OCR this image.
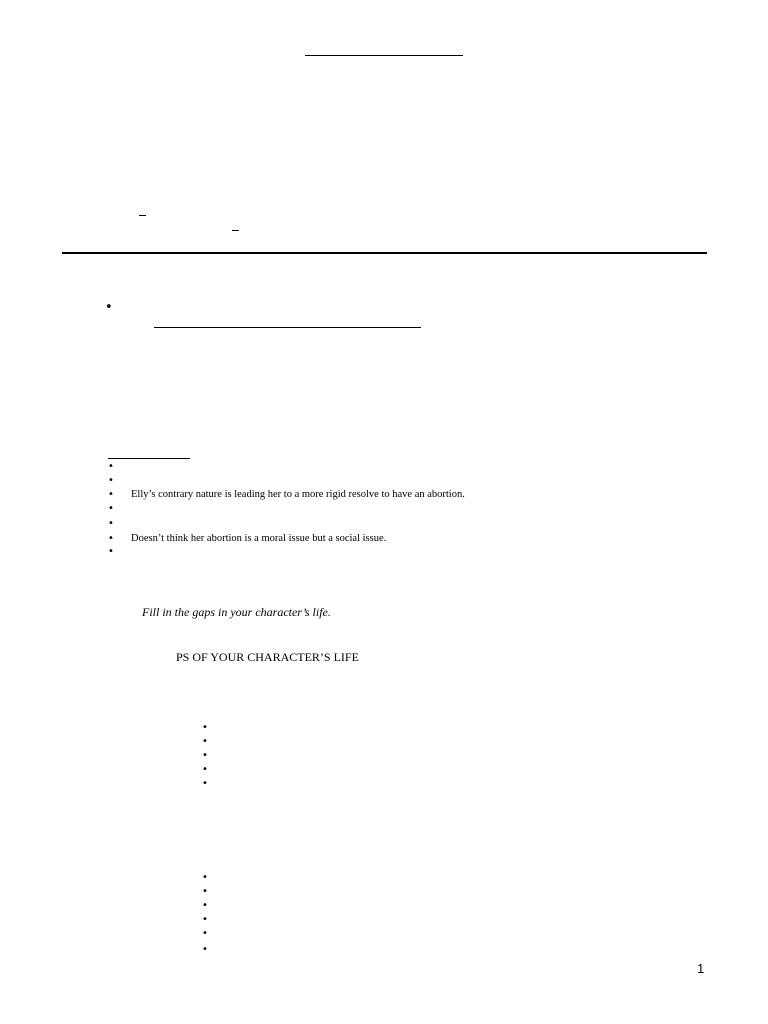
•
•
•
• Elly’s contrary nature is leading her to a more rigid resolve to have an abortion.
•
•
• Doesn’t think her abortion is a moral issue but a social issue.
•
Fill in the gaps in your character’s life.
PS OF YOUR CHARACTER’S LIFE
•
•
•
•
•
•
•
•
•
•
•
1
